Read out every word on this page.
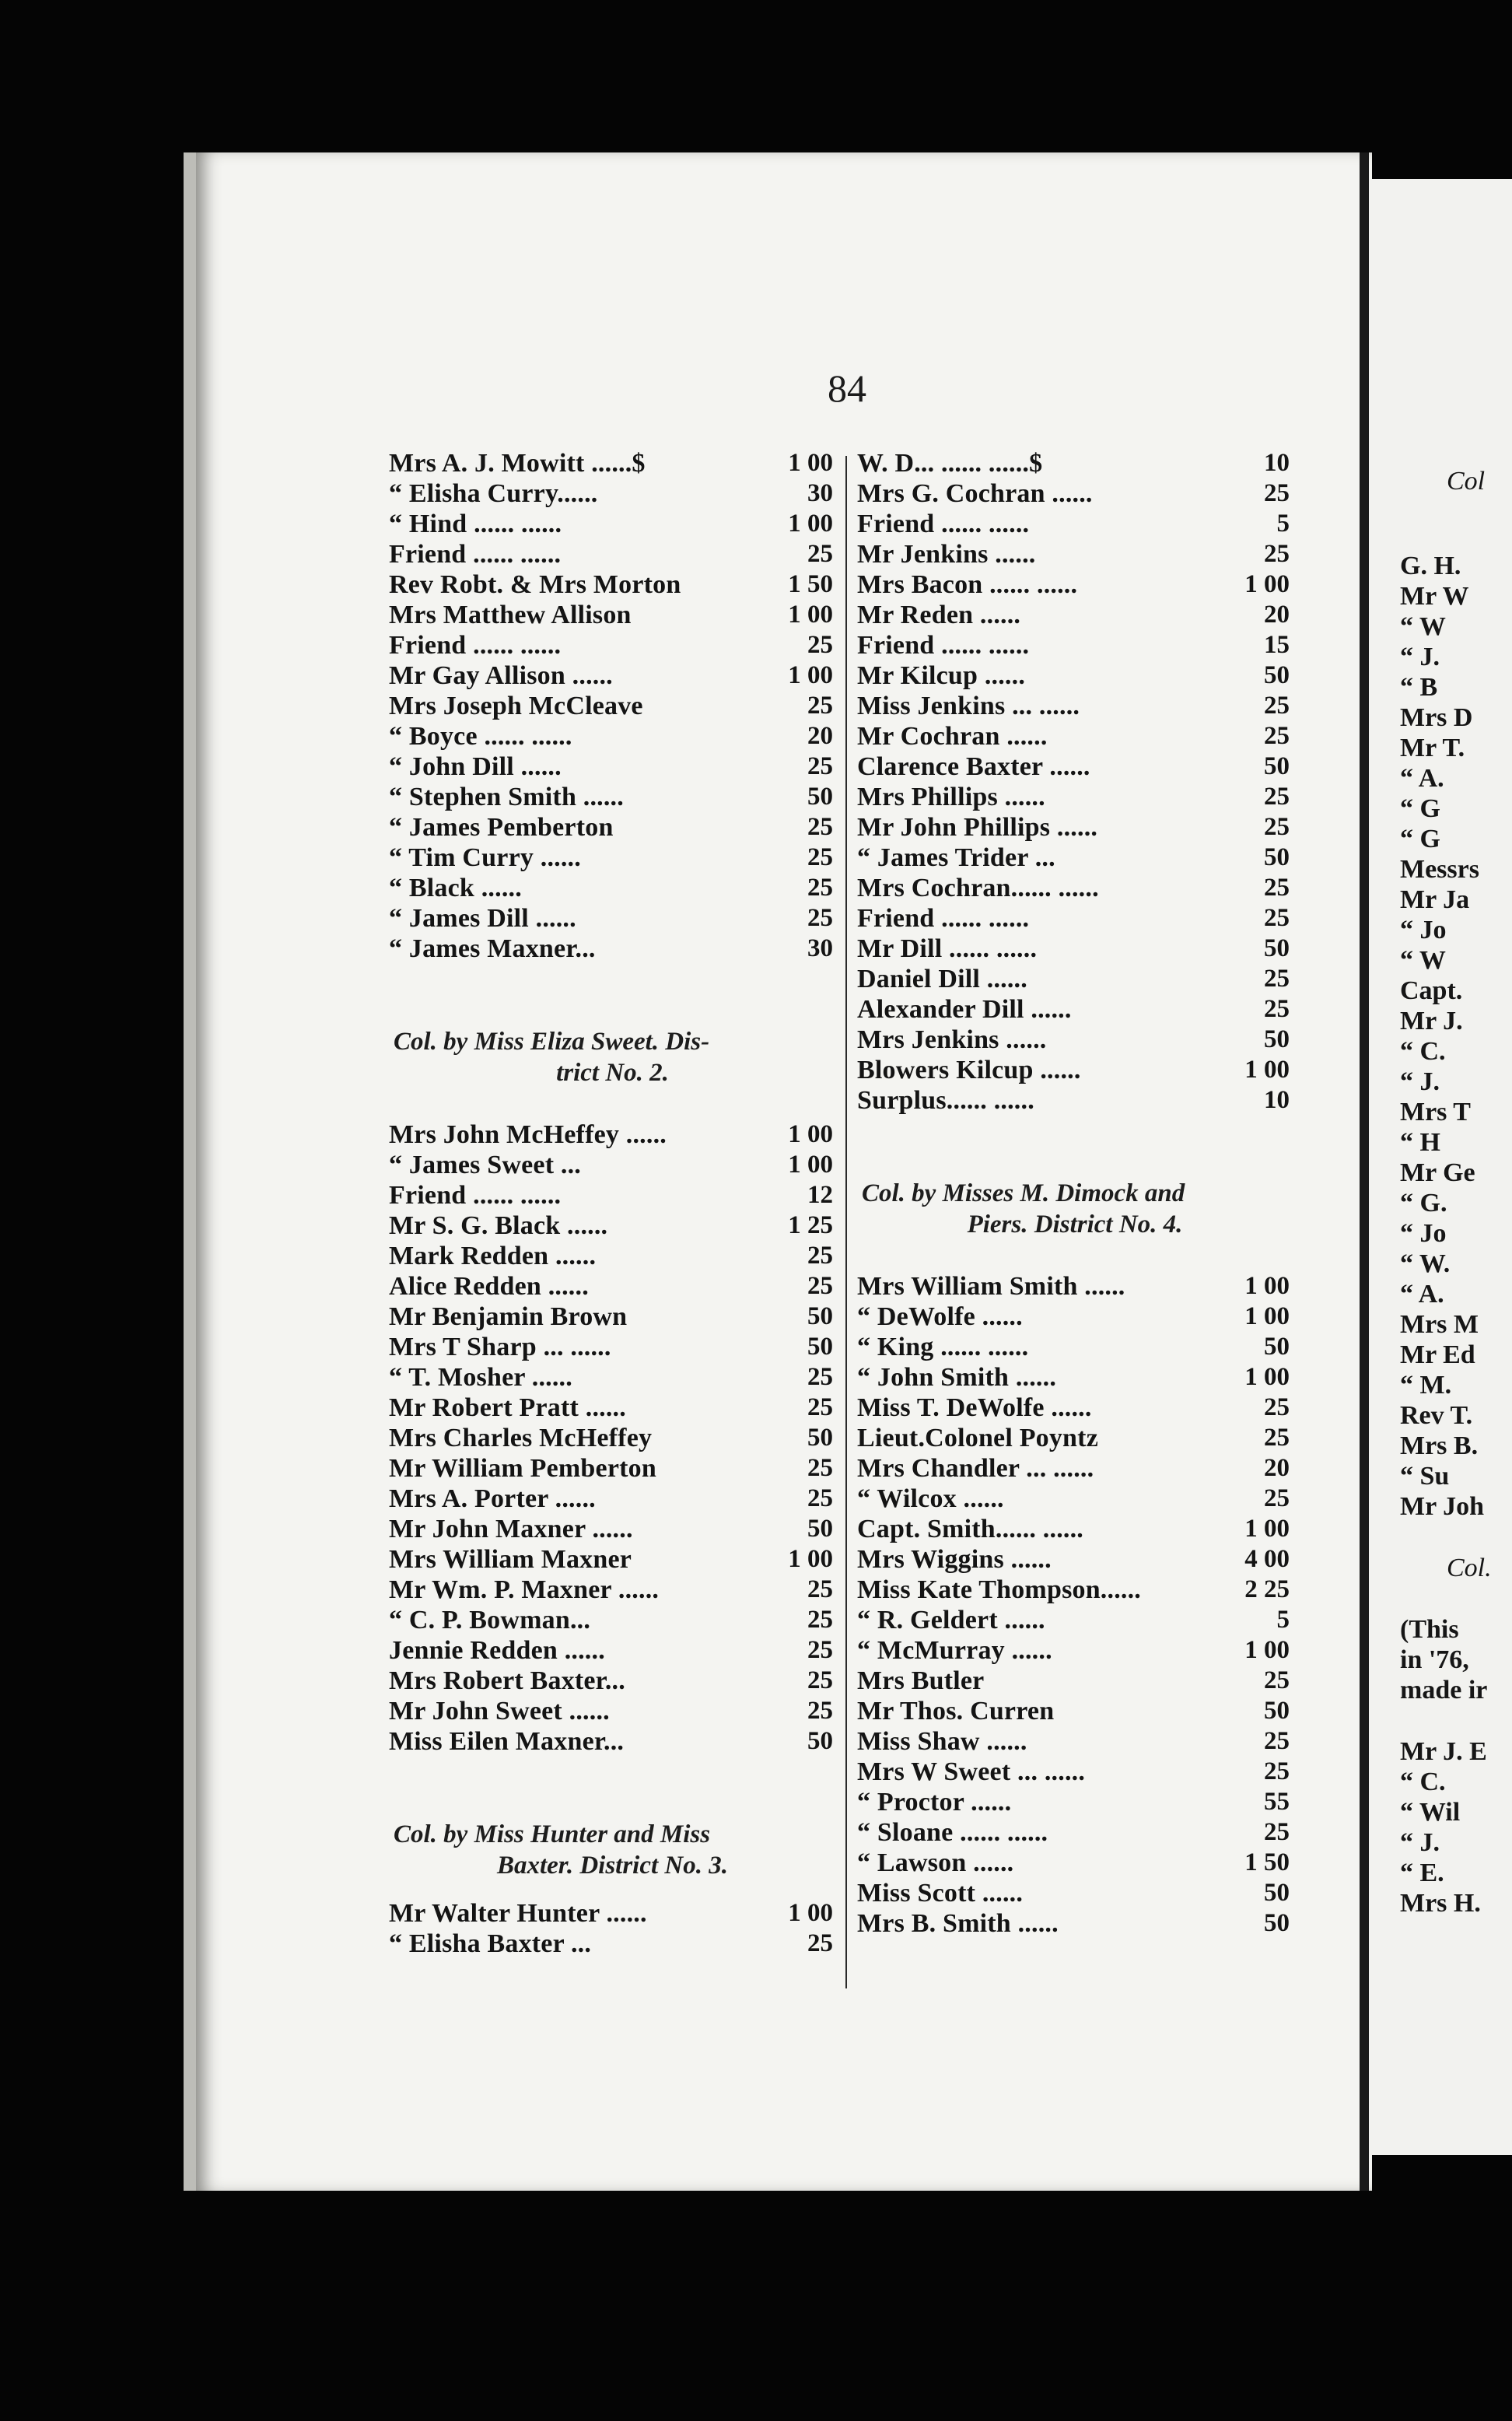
84
Mrs A. J. Mowitt ......$	1 00
“ Elisha Curry......	30
“ Hind ...... ......	1 00
Friend ...... ......	25
Rev Robt. & Mrs Morton	1 50
Mrs Matthew Allison	1 00
Friend ...... ......	25
Mr Gay Allison ......	1 00
Mrs Joseph McCleave	25
“ Boyce ...... ......	20
“ John Dill ......	25
“ Stephen Smith ......	50
“ James Pemberton	25
“ Tim Curry ......	25
“ Black ......	25
“ James Dill ......	25
“ James Maxner...	30
Col. by Miss Eliza Sweet. Dis-
trict No. 2.
Mrs John McHeffey ......	1 00
“ James Sweet ...	1 00
Friend ...... ......	12
Mr S. G. Black ......	1 25
Mark Redden ......	25
Alice Redden ......	25
Mr Benjamin Brown	50
Mrs T Sharp ... ......	50
“ T. Mosher ......	25
Mr Robert Pratt ......	25
Mrs Charles McHeffey	50
Mr William Pemberton	25
Mrs A. Porter ......	25
Mr John Maxner ......	50
Mrs William Maxner	1 00
Mr Wm. P. Maxner ......	25
“ C. P. Bowman...	25
Jennie Redden ......	25
Mrs Robert Baxter...	25
Mr John Sweet ......	25
Miss Eilen Maxner...	50
Col. by Miss Hunter and Miss
Baxter. District No. 3.
Mr Walter Hunter ......	1 00
“ Elisha Baxter ...	25
W. D... ...... ......$	10
Mrs G. Cochran ......	25
Friend ...... ......	5
Mr Jenkins ......	25
Mrs Bacon ...... ......	1 00
Mr Reden ......	20
Friend ...... ......	15
Mr Kilcup ......	50
Miss Jenkins ... ......	25
Mr Cochran ......	25
Clarence Baxter ......	50
Mrs Phillips ......	25
Mr John Phillips ......	25
“ James Trider ...	50
Mrs Cochran...... ......	25
Friend ...... ......	25
Mr Dill ...... ......	50
Daniel Dill ......	25
Alexander Dill ......	25
Mrs Jenkins ......	50
Blowers Kilcup ......	1 00
Surplus...... ......	10
Col. by Misses M. Dimock and
Piers. District No. 4.
Mrs William Smith ......	1 00
“ DeWolfe ......	1 00
“ King ...... ......	50
“ John Smith ......	1 00
Miss T. DeWolfe ......	25
Lieut.Colonel Poyntz	25
Mrs Chandler ... ......	20
“ Wilcox ......	25
Capt. Smith...... ......	1 00
Mrs Wiggins ......	4 00
Miss Kate Thompson......	2 25
“ R. Geldert ......	5
“ McMurray ......	1 00
Mrs Butler	25
Mr Thos. Curren	50
Miss Shaw ......	25
Mrs W Sweet ... ......	25
“ Proctor ......	55
“ Sloane ...... ......	25
“ Lawson ......	1 50
Miss Scott ......	50
Mrs B. Smith ......	50
Col
G. H.
Mr W
“ W
“ J.
“ B
Mrs D
Mr T.
“ A.
“ G
“ G
Messrs
Mr Ja
“ Jo
“ W
Capt.
Mr J.
“ C.
“ J.
Mrs T
“ H
Mr Ge
“ G.
“ Jo
“ W.
“ A.
Mrs M
Mr Ed
“ M.
Rev T.
Mrs B.
“ Su
Mr Joh
Col.
(This
in '76,
made ir
Mr J. E
“ C.
“ Wil
“ J.
“ E.
Mrs H.
